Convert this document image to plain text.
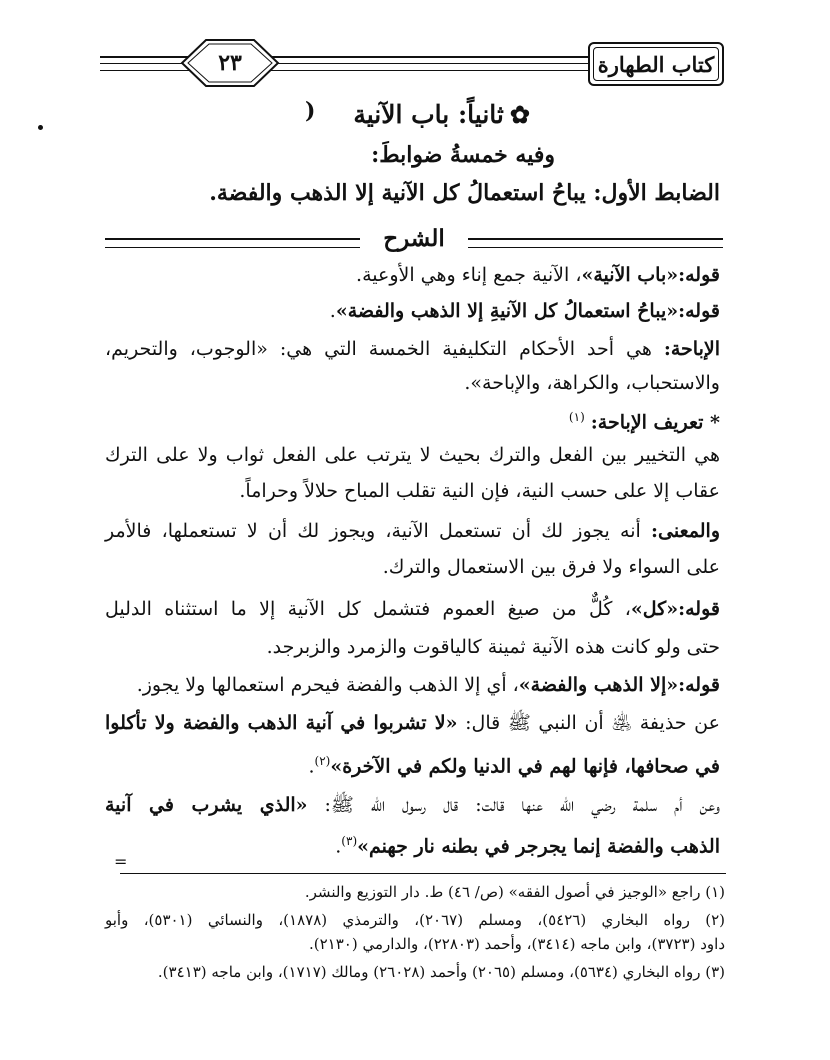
٢٣	كتاب الطهارة
✿ثانياً: باب الآنية
)
وفيه خمسةُ ضوابطَ:
الضابط الأول: يباحُ استعمالُ كل الآنية إلا الذهب والفضة.
الشرح
قوله:«باب الآنية»، الآنية جمع إناء وهي الأوعية.
قوله:«يباحُ استعمالُ كل الآنيةِ إلا الذهب والفضة».
الإباحة: هي أحد الأحكام التكليفية الخمسة التي هي: «الوجوب، والتحريم،
والاستحباب، والكراهة، والإباحة».
* تعريف الإباحة: $^{(١)}$
هي التخيير بين الفعل والترك بحيث لا يترتب على الفعل ثواب ولا على الترك
عقاب إلا على حسب النية، فإن النية تقلب المباح حلالاً وحراماً.
والمعنى: أنه يجوز لك أن تستعمل الآنية، ويجوز لك أن لا تستعملها، فالأمر
على السواء ولا فرق بين الاستعمال والترك.
قوله:«كل»، كُلٌّ من صيغ العموم فتشمل كل الآنية إلا ما استثناه الدليل
حتى ولو كانت هذه الآنية ثمينة كالياقوت والزمرد والزبرجد.
قوله:«إلا الذهب والفضة»، أي إلا الذهب والفضة فيحرم استعمالها ولا يجوز.
عن حذيفة ﵁ أن النبي ﷺ قال: «لا تشربوا في آنية الذهب والفضة ولا تأكلوا
في صحافها، فإنها لهم في الدنيا ولكم في الآخرة»$^{(٢)}$.
وعن أم سلمة رضي الله عنها قالت: قال رسول الله ﷺ: «الذي يشرب في آنية
الذهب والفضة إنما يجرجر في بطنه نار جهنم»$^{(٣)}$.
=
(١) راجع «الوجيز في أصول الفقه» (ص/ ٤٦) ط. دار التوزيع والنشر.
(٢) رواه البخاري (٥٤٢٦)، ومسلم (٢٠٦٧)، والترمذي (١٨٧٨)، والنسائي (٥٣٠١)، وأبو
داود (٣٧٢٣)، وابن ماجه (٣٤١٤)، وأحمد (٢٢٨٠٣)، والدارمي (٢١٣٠).
(٣) رواه البخاري (٥٦٣٤)، ومسلم (٢٠٦٥) وأحمد (٢٦٠٢٨) ومالك (١٧١٧)، وابن ماجه (٣٤١٣).
